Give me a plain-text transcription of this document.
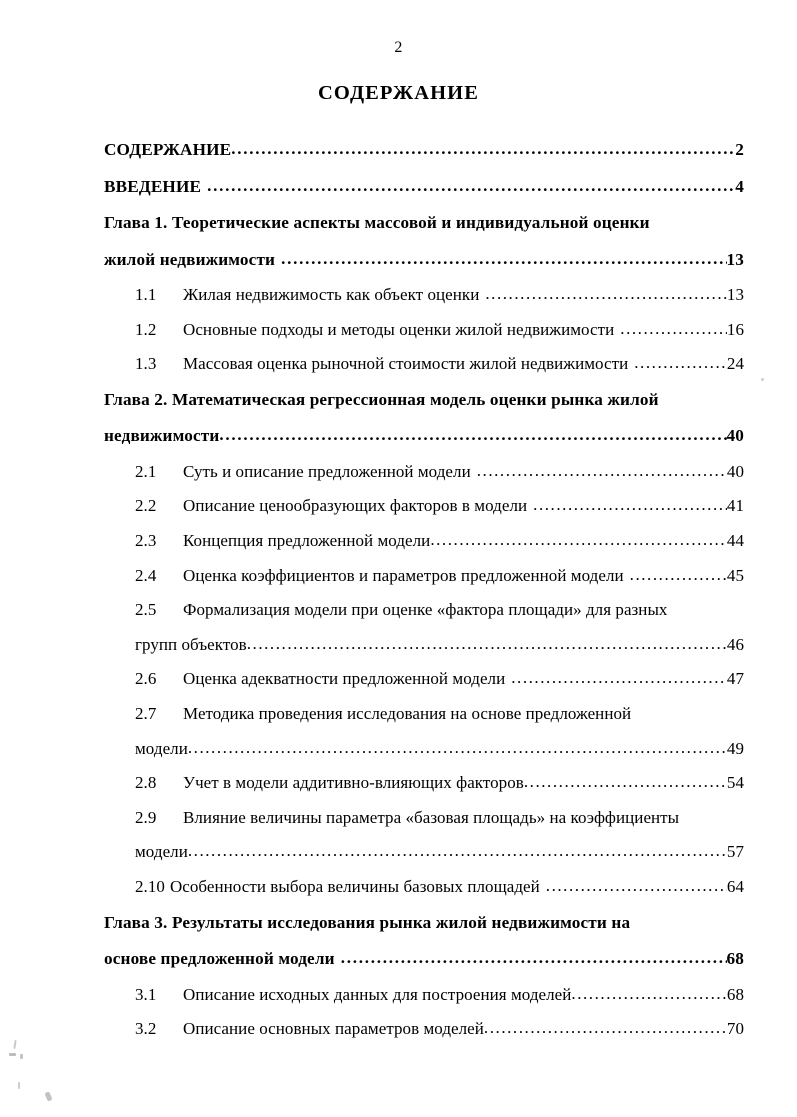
2
СОДЕРЖАНИЕ
СОДЕРЖАНИЕ . . .	2
ВВЕДЕНИЕ . . .	4
Глава 1. Теоретические аспекты массовой и индивидуальной оценки
жилой недвижимости . . .	13
1.1	Жилая недвижимость как объект оценки . . .	13
1.2	Основные подходы и методы оценки жилой недвижимости . . .	16
1.3	Массовая оценка рыночной стоимости жилой недвижимости . . .	24
Глава 2. Математическая регрессионная модель оценки рынка жилой
недвижимости . . .	40
2.1	Суть и описание предложенной модели . . .	40
2.2	Описание ценообразующих факторов в модели . . .	41
2.3	Концепция предложенной модели . . .	44
2.4	Оценка коэффициентов и параметров предложенной модели . . .	45
2.5	Формализация модели при оценке «фактора площади» для разных
групп объектов . . .	46
2.6	Оценка адекватности предложенной модели . . .	47
2.7	Методика проведения исследования на основе предложенной
модели . . .	49
2.8	Учет в модели аддитивно-влияющих факторов . . .	54
2.9	Влияние величины параметра «базовая площадь» на коэффициенты
модели . . .	57
2.10 Особенности выбора величины базовых площадей . . .	64
Глава 3. Результаты исследования рынка жилой недвижимости на
основе предложенной модели . . .	68
3.1	Описание исходных данных для построения моделей . . .	68
3.2	Описание основных параметров моделей . . .	70
